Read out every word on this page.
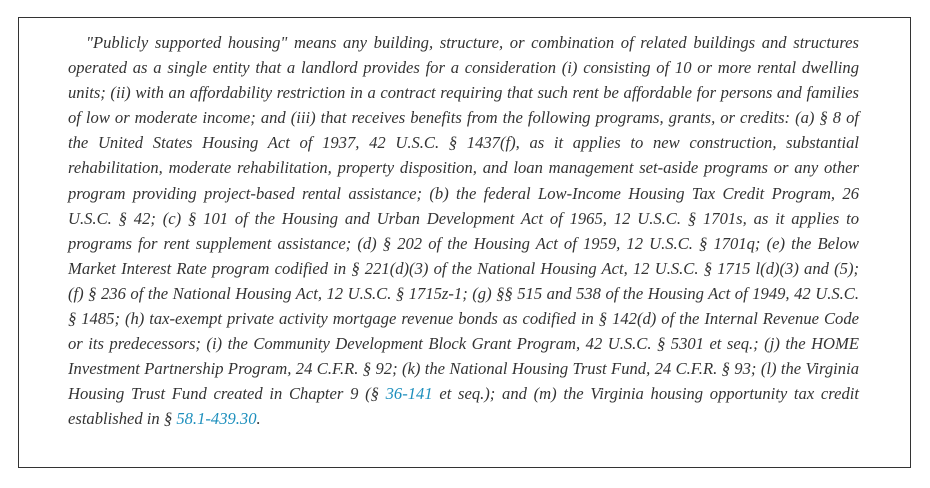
"Publicly supported housing" means any building, structure, or combination of related buildings and structures operated as a single entity that a landlord provides for a consideration (i) consisting of 10 or more rental dwelling units; (ii) with an affordability restriction in a contract requiring that such rent be affordable for persons and families of low or moderate income; and (iii) that receives benefits from the following programs, grants, or credits: (a) § 8 of the United States Housing Act of 1937, 42 U.S.C. § 1437(f), as it applies to new construction, substantial rehabilitation, moderate rehabilitation, property disposition, and loan management set-aside programs or any other program providing project-based rental assistance; (b) the federal Low-Income Housing Tax Credit Program, 26 U.S.C. § 42; (c) § 101 of the Housing and Urban Development Act of 1965, 12 U.S.C. § 1701s, as it applies to programs for rent supplement assistance; (d) § 202 of the Housing Act of 1959, 12 U.S.C. § 1701q; (e) the Below Market Interest Rate program codified in § 221(d)(3) of the National Housing Act, 12 U.S.C. § 1715 l(d)(3) and (5); (f) § 236 of the National Housing Act, 12 U.S.C. § 1715z-1; (g) §§ 515 and 538 of the Housing Act of 1949, 42 U.S.C. § 1485; (h) tax-exempt private activity mortgage revenue bonds as codified in § 142(d) of the Internal Revenue Code or its predecessors; (i) the Community Development Block Grant Program, 42 U.S.C. § 5301 et seq.; (j) the HOME Investment Partnership Program, 24 C.F.R. § 92; (k) the National Housing Trust Fund, 24 C.F.R. § 93; (l) the Virginia Housing Trust Fund created in Chapter 9 (§ 36-141 et seq.); and (m) the Virginia housing opportunity tax credit established in § 58.1-439.30.
